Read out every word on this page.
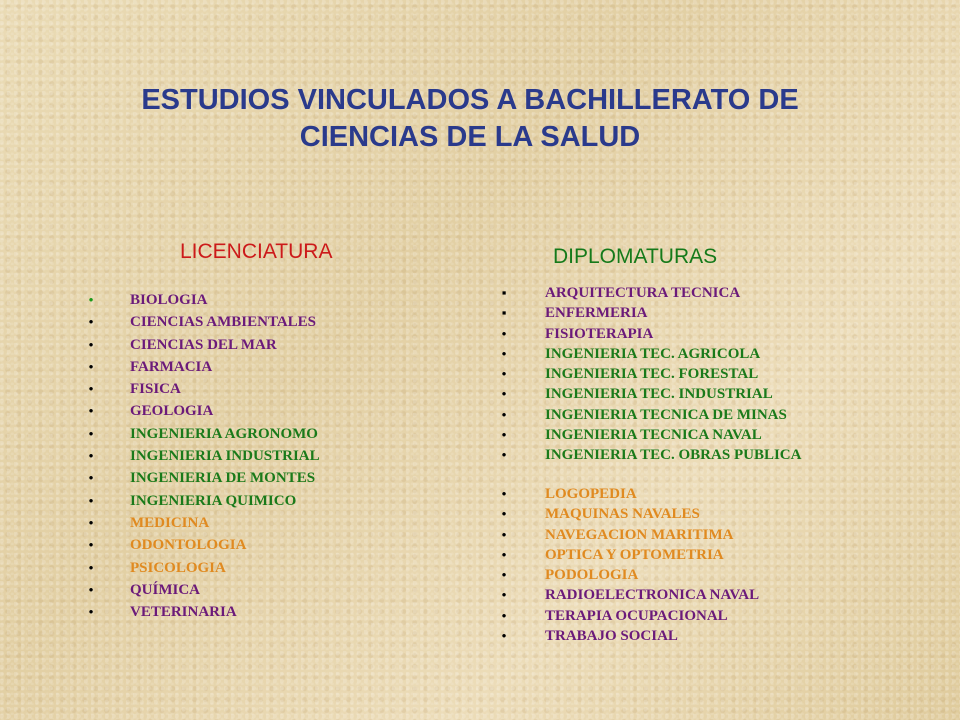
ESTUDIOS VINCULADOS A BACHILLERATO DE CIENCIAS DE LA SALUD
LICENCIATURA	DIPLOMATURAS
•	BIOLOGIA
•	CIENCIAS AMBIENTALES
•	CIENCIAS DEL MAR
•	FARMACIA
•	FISICA
•	GEOLOGIA
•	INGENIERIA AGRONOMO
•	INGENIERIA INDUSTRIAL
•	INGENIERIA DE MONTES
•	INGENIERIA QUIMICO
•	MEDICINA
•	ODONTOLOGIA
•	PSICOLOGIA
•	QUÍMICA
•	VETERINARIA
▪	ARQUITECTURA TECNICA
▪	ENFERMERIA
•	FISIOTERAPIA
•	INGENIERIA TEC. AGRICOLA
•	INGENIERIA TEC. FORESTAL
•	INGENIERIA TEC. INDUSTRIAL
•	INGENIERIA TECNICA DE MINAS
•	INGENIERIA TECNICA NAVAL
•	INGENIERIA TEC. OBRAS PUBLICA
•	LOGOPEDIA
•	MAQUINAS NAVALES
•	NAVEGACION MARITIMA
•	OPTICA Y OPTOMETRIA
•	PODOLOGIA
•	RADIOELECTRONICA NAVAL
•	TERAPIA OCUPACIONAL
•	TRABAJO SOCIAL
